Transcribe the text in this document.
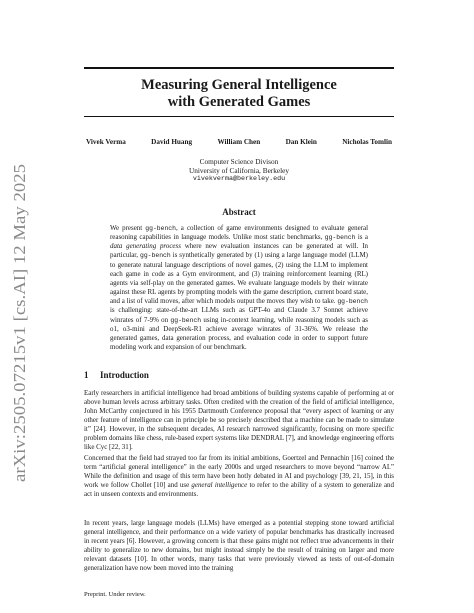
arXiv:2505.07215v1 [cs.AI] 12 May 2025
Measuring General Intelligence
with Generated Games
Vivek Verma	David Huang	William Chen	Dan Klein	Nicholas Tomlin
Computer Science Divison
University of California, Berkeley
vivekverma@berkeley.edu
Abstract
We present gg-bench, a collection of game environments designed to evaluate general reasoning capabilities in language models. Unlike most static benchmarks, gg-bench is a data generating process where new evaluation instances can be generated at will. In particular, gg-bench is synthetically generated by (1) using a large language model (LLM) to generate natural language descriptions of novel games, (2) using the LLM to implement each game in code as a Gym environment, and (3) training reinforcement learning (RL) agents via self-play on the generated games. We evaluate language models by their winrate against these RL agents by prompting models with the game description, current board state, and a list of valid moves, after which models output the moves they wish to take. gg-bench is challenging: state-of-the-art LLMs such as GPT-4o and Claude 3.7 Sonnet achieve winrates of 7-9% on gg-bench using in-context learning, while reasoning models such as o1, o3-mini and DeepSeek-R1 achieve average winrates of 31-36%. We release the generated games, data generation process, and evaluation code in order to support future modeling work and expansion of our benchmark.
1 Introduction
Early researchers in artificial intelligence had broad ambitions of building systems capable of performing at or above human levels across arbitrary tasks. Often credited with the creation of the field of artificial intelligence, John McCarthy conjectured in his 1955 Dartmouth Conference proposal that “every aspect of learning or any other feature of intelligence can in principle be so precisely described that a machine can be made to simulate it” [24]. However, in the subsequent decades, AI research narrowed significantly, focusing on more specific problem domains like chess, rule-based expert systems like DENDRAL [7], and knowledge engineering efforts like Cyc [22, 31].
Concerned that the field had strayed too far from its initial ambitions, Goertzel and Pennachin [16] coined the term “artificial general intelligence” in the early 2000s and urged researchers to move beyond “narrow AI.” While the definition and usage of this term have been hotly debated in AI and psychology [39, 21, 15], in this work we follow Chollet [10] and use general intelligence to refer to the ability of a system to generalize and act in unseen contexts and environments.
In recent years, large language models (LLMs) have emerged as a potential stepping stone toward artificial general intelligence, and their performance on a wide variety of popular benchmarks has drastically increased in recent years [6]. However, a growing concern is that these gains might not reflect true advancements in their ability to generalize to new domains, but might instead simply be the result of training on larger and more relevant datasets [10]. In other words, many tasks that were previously viewed as tests of out-of-domain generalization have now been moved into the training
Preprint. Under review.
